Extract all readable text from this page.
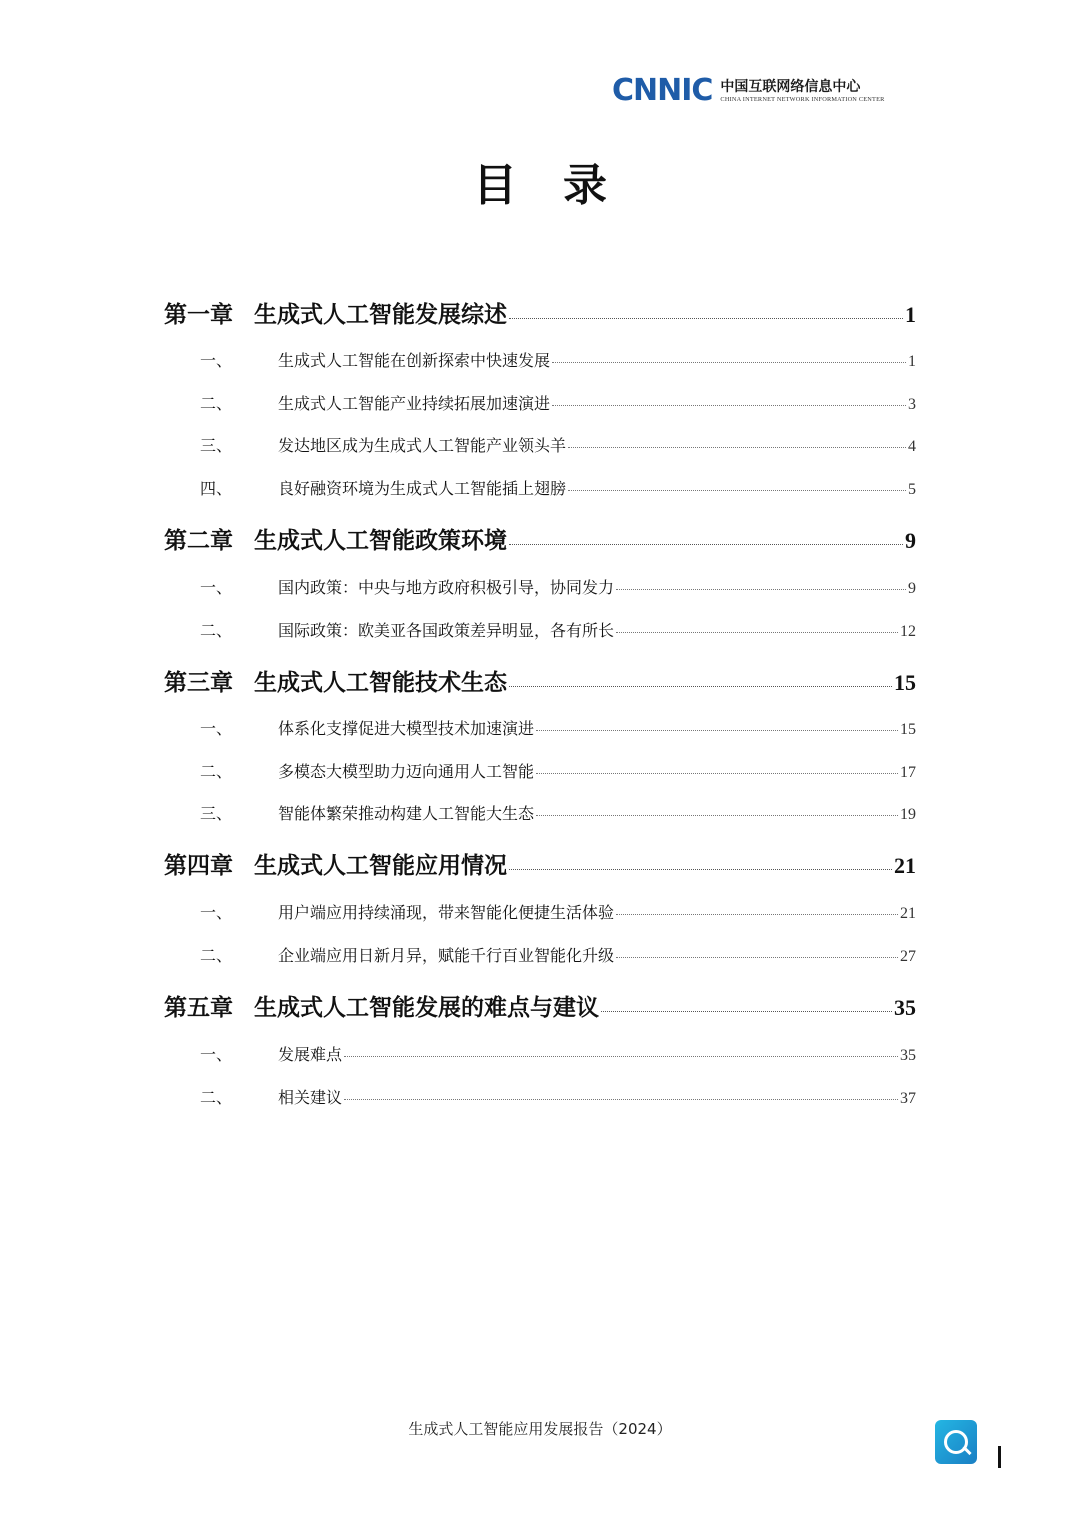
CNNIC 中国互联网络信息中心
CHINA INTERNET NETWORK INFORMATION CENTER
目录
第一章 生成式人工智能发展综述	1
一、	生成式人工智能在创新探索中快速发展	1
二、	生成式人工智能产业持续拓展加速演进	3
三、	发达地区成为生成式人工智能产业领头羊	4
四、	良好融资环境为生成式人工智能插上翅膀	5
第二章 生成式人工智能政策环境	9
一、	国内政策：中央与地方政府积极引导，协同发力	9
二、	国际政策：欧美亚各国政策差异明显，各有所长	12
第三章 生成式人工智能技术生态	15
一、	体系化支撑促进大模型技术加速演进	15
二、	多模态大模型助力迈向通用人工智能	17
三、	智能体繁荣推动构建人工智能大生态	19
第四章 生成式人工智能应用情况	21
一、	用户端应用持续涌现，带来智能化便捷生活体验	21
二、	企业端应用日新月异，赋能千行百业智能化升级	27
第五章 生成式人工智能发展的难点与建议	35
一、	发展难点	35
二、	相关建议	37
生成式人工智能应用发展报告（2024）
